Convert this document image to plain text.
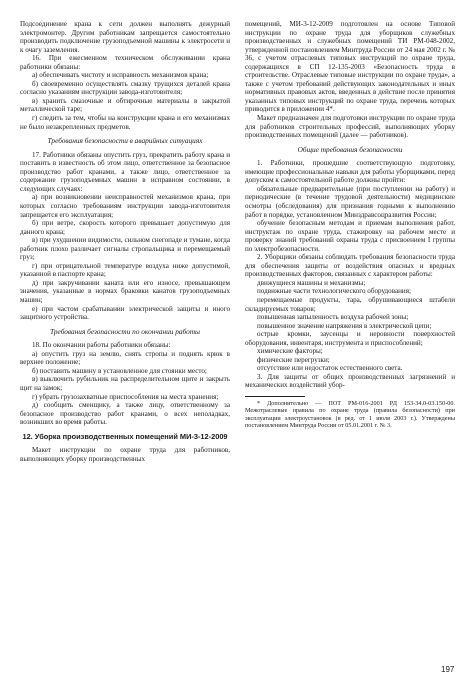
Подсоединение крана к сети должен выполнять дежурный электромонтер. Другим работникам запрещается самостоятельно производить подключение грузоподъемной машины к электросети и к очагу заземления.

16. При ежесменном техническом обслуживании крана работники обязаны:

а) обеспечивать чистоту и исправность механизмов крана;

б) своевременно осуществлять смазку трущихся деталей крана согласно указаниям инструкции завода-изготовителя;

в) хранить смазочные и обтирочные материалы в закрытой металлической таре;

г) следить за тем, чтобы на конструкции крана и его механизмах не было незакрепленных предметов.

Требования безопасности в аварийных ситуациях

17. Работники обязаны опустить груз, прекратить работу крана и поставить в известность об этом лицо, ответственное за безопасное производство работ кранами, а также лицо, ответственное за содержание грузоподъемных машин в исправном состоянии, в следующих случаях:

а) при возникновении неисправностей механизмов крана, при которых согласно требованиям инструкции завода-изготовителя запрещается его эксплуатация;

б) при ветре, скорость которого превышает допустимую для данного крана;

в) при ухудшении видимости, сильном снегопаде и тумане, когда работник плохо различает сигналы стропальщика и перемещаемый груз;

г) при отрицательной температуре воздуха ниже допустимой, указанной в паспорте крана;

д) при закручивании каната или его износе, превышающем значения, указанные в нормах браковки канатов грузоподъемных машин;

е) при частом срабатывании электрической защиты и иного защитного устройства.

Требования безопасности по окончании работы

18. По окончании работы работники обязаны:

а) опустить груз на землю, снять стропы и поднять крюк в верхнее положение;

б) поставить машину в установленное для стоянки место;

в) выключить рубильник на распределительном щите и закрыть щит на замок;

г) убрать грузозахватные приспособления на места хранения;

д) сообщить сменщику, а также лицу, ответственному за безопасное производство работ кранами, о всех неполадках, возникших во время работы.

12. Уборка производственных помещений МИ-3-12-2009

Макет инструкции по охране труда для работников, выполняющих уборку производственных

помещений, МИ-3-12-2009 подготовлен на основе Типовой инструкции по охране труда для уборщиков служебных производственных и служебных помещений ТИ РМ-048-2002, утвержденной постановлением Минтруда России от 24 мая 2002 г. № 36, с учетом отраслевых типовых инструкций по охране труда, содержащихся в СП 12-135-2003 «Безопасность труда в строительстве. Отраслевые типовые инструкции по охране труда», а также с учетом требований действующих законодательных и иных нормативных правовых актов, введенных в действие после принятия указанных типовых инструкций по охране труда, перечень которых приводится в приложении 4*.

Макет предназначен для подготовки инструкции по охране труда для работников строительных профессий, выполняющих уборку производственных помещений (далее — работников).

Общие требования безопасности

1. Работники, прошедшие соответствующую подготовку, имеющие профессиональные навыки для работы уборщиками, перед допуском к самостоятельной работе должны пройти:

обязательные предварительные (при поступлении на работу) и периодические (в течение трудовой деятельности) медицинские осмотры (обследования) для признания годными к выполнению работ в порядке, установленном Минздравсоцразвития России;

обучение безопасным методам и приемам выполнения работ, инструктаж по охране труда, стажировку на рабочем месте и проверку знаний требований охраны труда с присвоением I группы по электробезопасности.

2. Уборщики обязаны соблюдать требования безопасности труда для обеспечения защиты от воздействия опасных и вредных производственных факторов, связанных с характером работы:

движущиеся машины и механизмы;

подвижные части технологического оборудования;

перемещаемые продукты, тара, обрушивающиеся штабели складируемых товаров;

повышенная запыленность воздуха рабочей зоны;

повышенное значение напряжения в электрической цепи;

острые кромки, заусенцы и неровности поверхностей оборудования, инвентаря, инструмента и приспособлений;

химические факторы;

физические перегрузки;

отсутствие или недостаток естественного света.

3. Для защиты от общих производственных загрязнений и механических воздействий убор-

* Дополнительно — ПОТ РМ-016-2001 РД 153-34.0-03.150-00. Межотраслевые правила по охране труда (правила безопасности) при эксплуатации электроустановок (в ред. от 1 июля 2003 г.). Утверждены постановлением Минтруда России от 05.01.2001 г. № 3.

197
